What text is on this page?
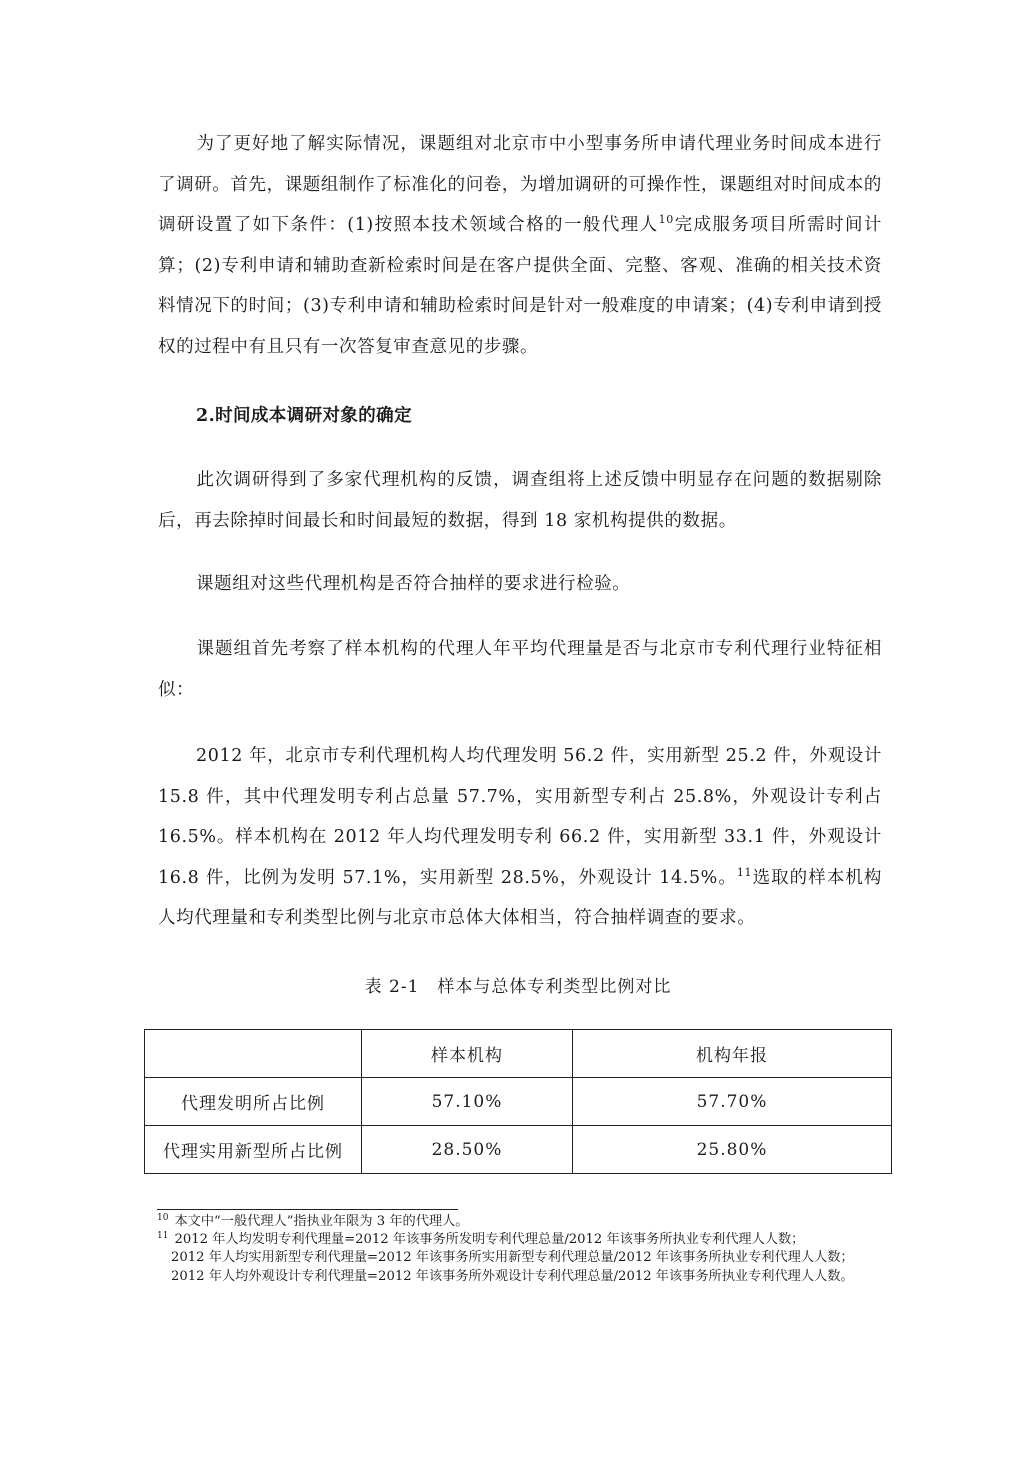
为了更好地了解实际情况，课题组对北京市中小型事务所申请代理业务时间成本进行了调研。首先，课题组制作了标准化的问卷，为增加调研的可操作性，课题组对时间成本的调研设置了如下条件：(1)按照本技术领域合格的一般代理人$^{10}$完成服务项目所需时间计算；(2)专利申请和辅助查新检索时间是在客户提供全面、完整、客观、准确的相关技术资料情况下的时间；(3)专利申请和辅助检索时间是针对一般难度的申请案；(4)专利申请到授权的过程中有且只有一次答复审查意见的步骤。

2.时间成本调研对象的确定

此次调研得到了多家代理机构的反馈，调查组将上述反馈中明显存在问题的数据剔除后，再去除掉时间最长和时间最短的数据，得到 18 家机构提供的数据。

课题组对这些代理机构是否符合抽样的要求进行检验。

课题组首先考察了样本机构的代理人年平均代理量是否与北京市专利代理行业特征相似：

2012 年，北京市专利代理机构人均代理发明 56.2 件，实用新型 25.2 件，外观设计 15.8 件，其中代理发明专利占总量 57.7%，实用新型专利占 25.8%，外观设计专利占 16.5%。样本机构在 2012 年人均代理发明专利 66.2 件，实用新型 33.1 件，外观设计 16.8 件，比例为发明 57.1%，实用新型 28.5%，外观设计 14.5%。$^{11}$选取的样本机构人均代理量和专利类型比例与北京市总体大体相当，符合抽样调查的要求。

表 2-1　样本与总体专利类型比例对比
	样本机构	机构年报
代理发明所占比例	57.10%	57.70%
代理实用新型所占比例	28.50%	25.80%

$^{10}$ 本文中“一般代理人”指执业年限为 3 年的代理人。

$^{11}$ 2012 年人均发明专利代理量=2012 年该事务所发明专利代理总量/2012 年该事务所执业专利代理人人数；

2012 年人均实用新型专利代理量=2012 年该事务所实用新型专利代理总量/2012 年该事务所执业专利代理人人数；

2012 年人均外观设计专利代理量=2012 年该事务所外观设计专利代理总量/2012 年该事务所执业专利代理人人数。
